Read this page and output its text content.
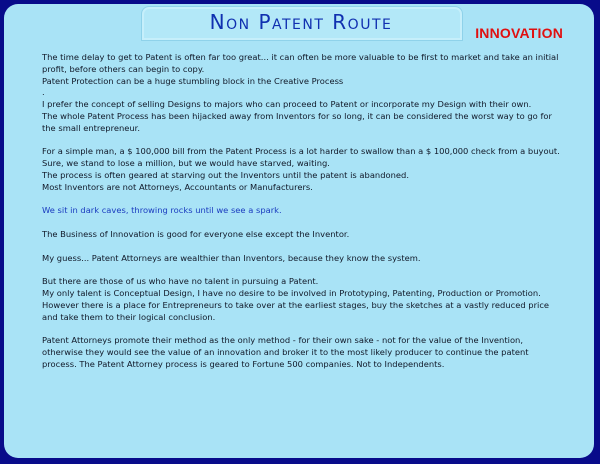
Non Patent Route	INNOVATION

The time delay to get to Patent is often far too great... it can often be more valuable to be first to market and take an initial profit, before others can begin to copy.

Patent Protection can be a huge stumbling block in the Creative Process

.

I prefer the concept of selling Designs to majors who can proceed to Patent or incorporate my Design with their own.

The whole Patent Process has been hijacked away from Inventors for so long, it can be considered the worst way to go for the small entrepreneur.

For a simple man, a $ 100,000 bill from the Patent Process is a lot harder to swallow than a $ 100,000 check from a buyout.

Sure, we stand to lose a million, but we would have starved, waiting.

The process is often geared at starving out the Inventors until the patent is abandoned.

Most Inventors are not Attorneys, Accountants or Manufacturers.

We sit in dark caves, throwing rocks until we see a spark.

The Business of Innovation is good for everyone else except the Inventor.

My guess... Patent Attorneys are wealthier than Inventors, because they know the system.

But there are those of us who have no talent in pursuing a Patent.

My only talent is Conceptual Design, I have no desire to be involved in Prototyping, Patenting, Production or Promotion.

However there is a place for Entrepreneurs to take over at the earliest stages, buy the sketches at a vastly reduced price and take them to their logical conclusion.

Patent Attorneys promote their method as the only method - for their own sake - not for the value of the Invention, otherwise they would see the value of an innovation and broker it to the most likely producer to continue the patent process. The Patent Attorney process is geared to Fortune 500 companies. Not to Independents.
